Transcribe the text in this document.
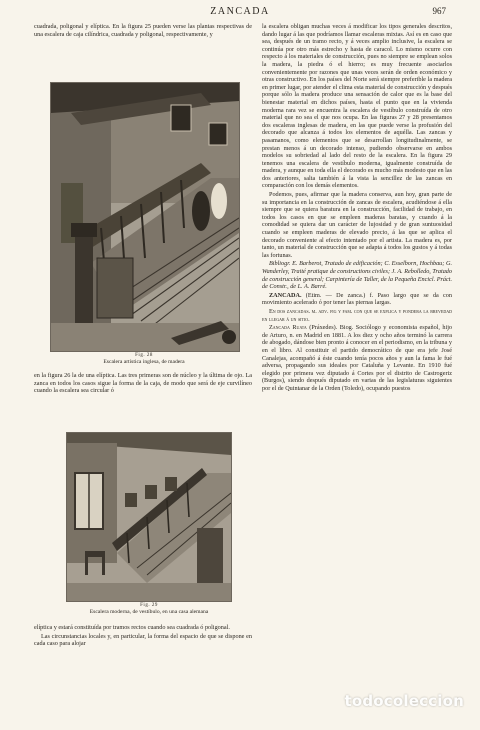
ZANCADA	967

cuadrada, poligonal y elíptica. En la figura 25 pueden verse las plantas respectivas de una escalera de caja cilíndrica, cuadrada y poligonal, respectivamente, y

Fig. 28
Escalera artística inglesa, de madera

en la figura 26 la de una elíptica. Las tres primeras son de núcleo y la última de ojo. La zanca en todos los casos sigue la forma de la caja, de modo que será de eje curvilíneo cuando la escalera sea circular ó

Fig. 29
Escalera moderna, de vestíbulo, en una casa alemana

elíptica y estará constituída por tramos rectos cuando sea cuadrada ó poligonal.

Las circunstancias locales y, en particular, la forma del espacio de que se dispone en cada caso para alojar

la escalera obligan muchas veces á modificar los tipos generales descritos, dando lugar á las que podríamos llamar escaleras mixtas. Así es en caso que sea, después de un tramo recto, y á veces amplio inclusive, la escalera se continúa por otro más estrecho y hasta de caracol. Lo mismo ocurre con respecto á los materiales de construcción, pues no siempre se emplean solos la madera, la piedra ó el hierro; es muy frecuente asociarlos convenientemente por razones que unas veces serán de orden económico y otras constructivo. En los países del Norte será siempre preferible la madera en primer lugar, por atender el clima esta material de construcción y después porque sólo la madera produce una sensación de calor que es la base del bienestar material en dichos países, hasta el punto que en la vivienda moderna rara vez se encuentra la escalera de vestíbulo construída de otro material que no sea el que nos ocupa. En las figuras 27 y 28 presentamos dos escaleras inglesas de madera, en las que puede verse la profusión del decorado que alcanza á todos los elementos de aquélla. Las zancas y pasamanos, como elementos que se desarrollan longitudinalmente, se prestan menos á un decorado intenso, pudiendo observarse en ambos modelos su sobriedad al lado del resto de la escalera. En la figura 29 tenemos una escalera de vestíbulo moderna, igualmente construída de madera, y aunque en toda ella el decorado es mucho más modesto que en las dos anteriores, salta también á la vista la sencillez de las zancas en comparación con los demás elementos.

Podemos, pues, afirmar que la madera conserva, aun hoy, gran parte de su importancia en la construcción de zancas de escalera, acudiéndose á ella siempre que se quiera baratura en la construcción, facilidad de trabajo, en todos los casos en que se empleen maderas baratas, y cuando á la comodidad se quiera dar un carácter de lujosidad y de gran suntuosidad cuando se empleen maderas de elevado precio, á las que se aplica el decorado conveniente al efecto intentado por el artista. La madera es, por tanto, un material de construcción que se adapta á todos los gustos y á todas las fortunas.

Bibliogr. E. Barberot, Tratado de edificación; C. Esselborn, Hochbau; G. Wanderley, Traité pratique de constructions civiles; J. A. Rebolledo, Tratado de construcción general; Carpintería de Taller, de la Pequeña Encicl. Práct. de Constr., de L. A. Barré.

ZANCADA. (Etim. — De zanca.) f. Paso largo que se da con movimiento acelerado ó por tener las piernas largas.

En dos zancadas. m. adv. fig y fam. con que se explica y pondera la brevedad en llegar á un sitio.

Zancada Ruata (Práxedes). Biog. Sociólogo y economista español, hijo de Arturo, n. en Madrid en 1881. A los diez y ocho años terminó la carrera de abogado, dándose bien pronto á conocer en el periodismo, en la tribuna y en el libro. Al constituir el partido democrático de que era jefe José Canalejas, acompañó á éste cuando tenía pocos años y aun la fama le fué adversa, propagando sus ideales por Cataluña y Levante. En 1910 fué elegido por primera vez diputado á Cortes por el distrito de Castrogeriz (Burgos), siendo después diputado en varias de las legislaturas siguientes por el de Quintanar de la Orden (Toledo), ocupando puestos

todocoleccion
